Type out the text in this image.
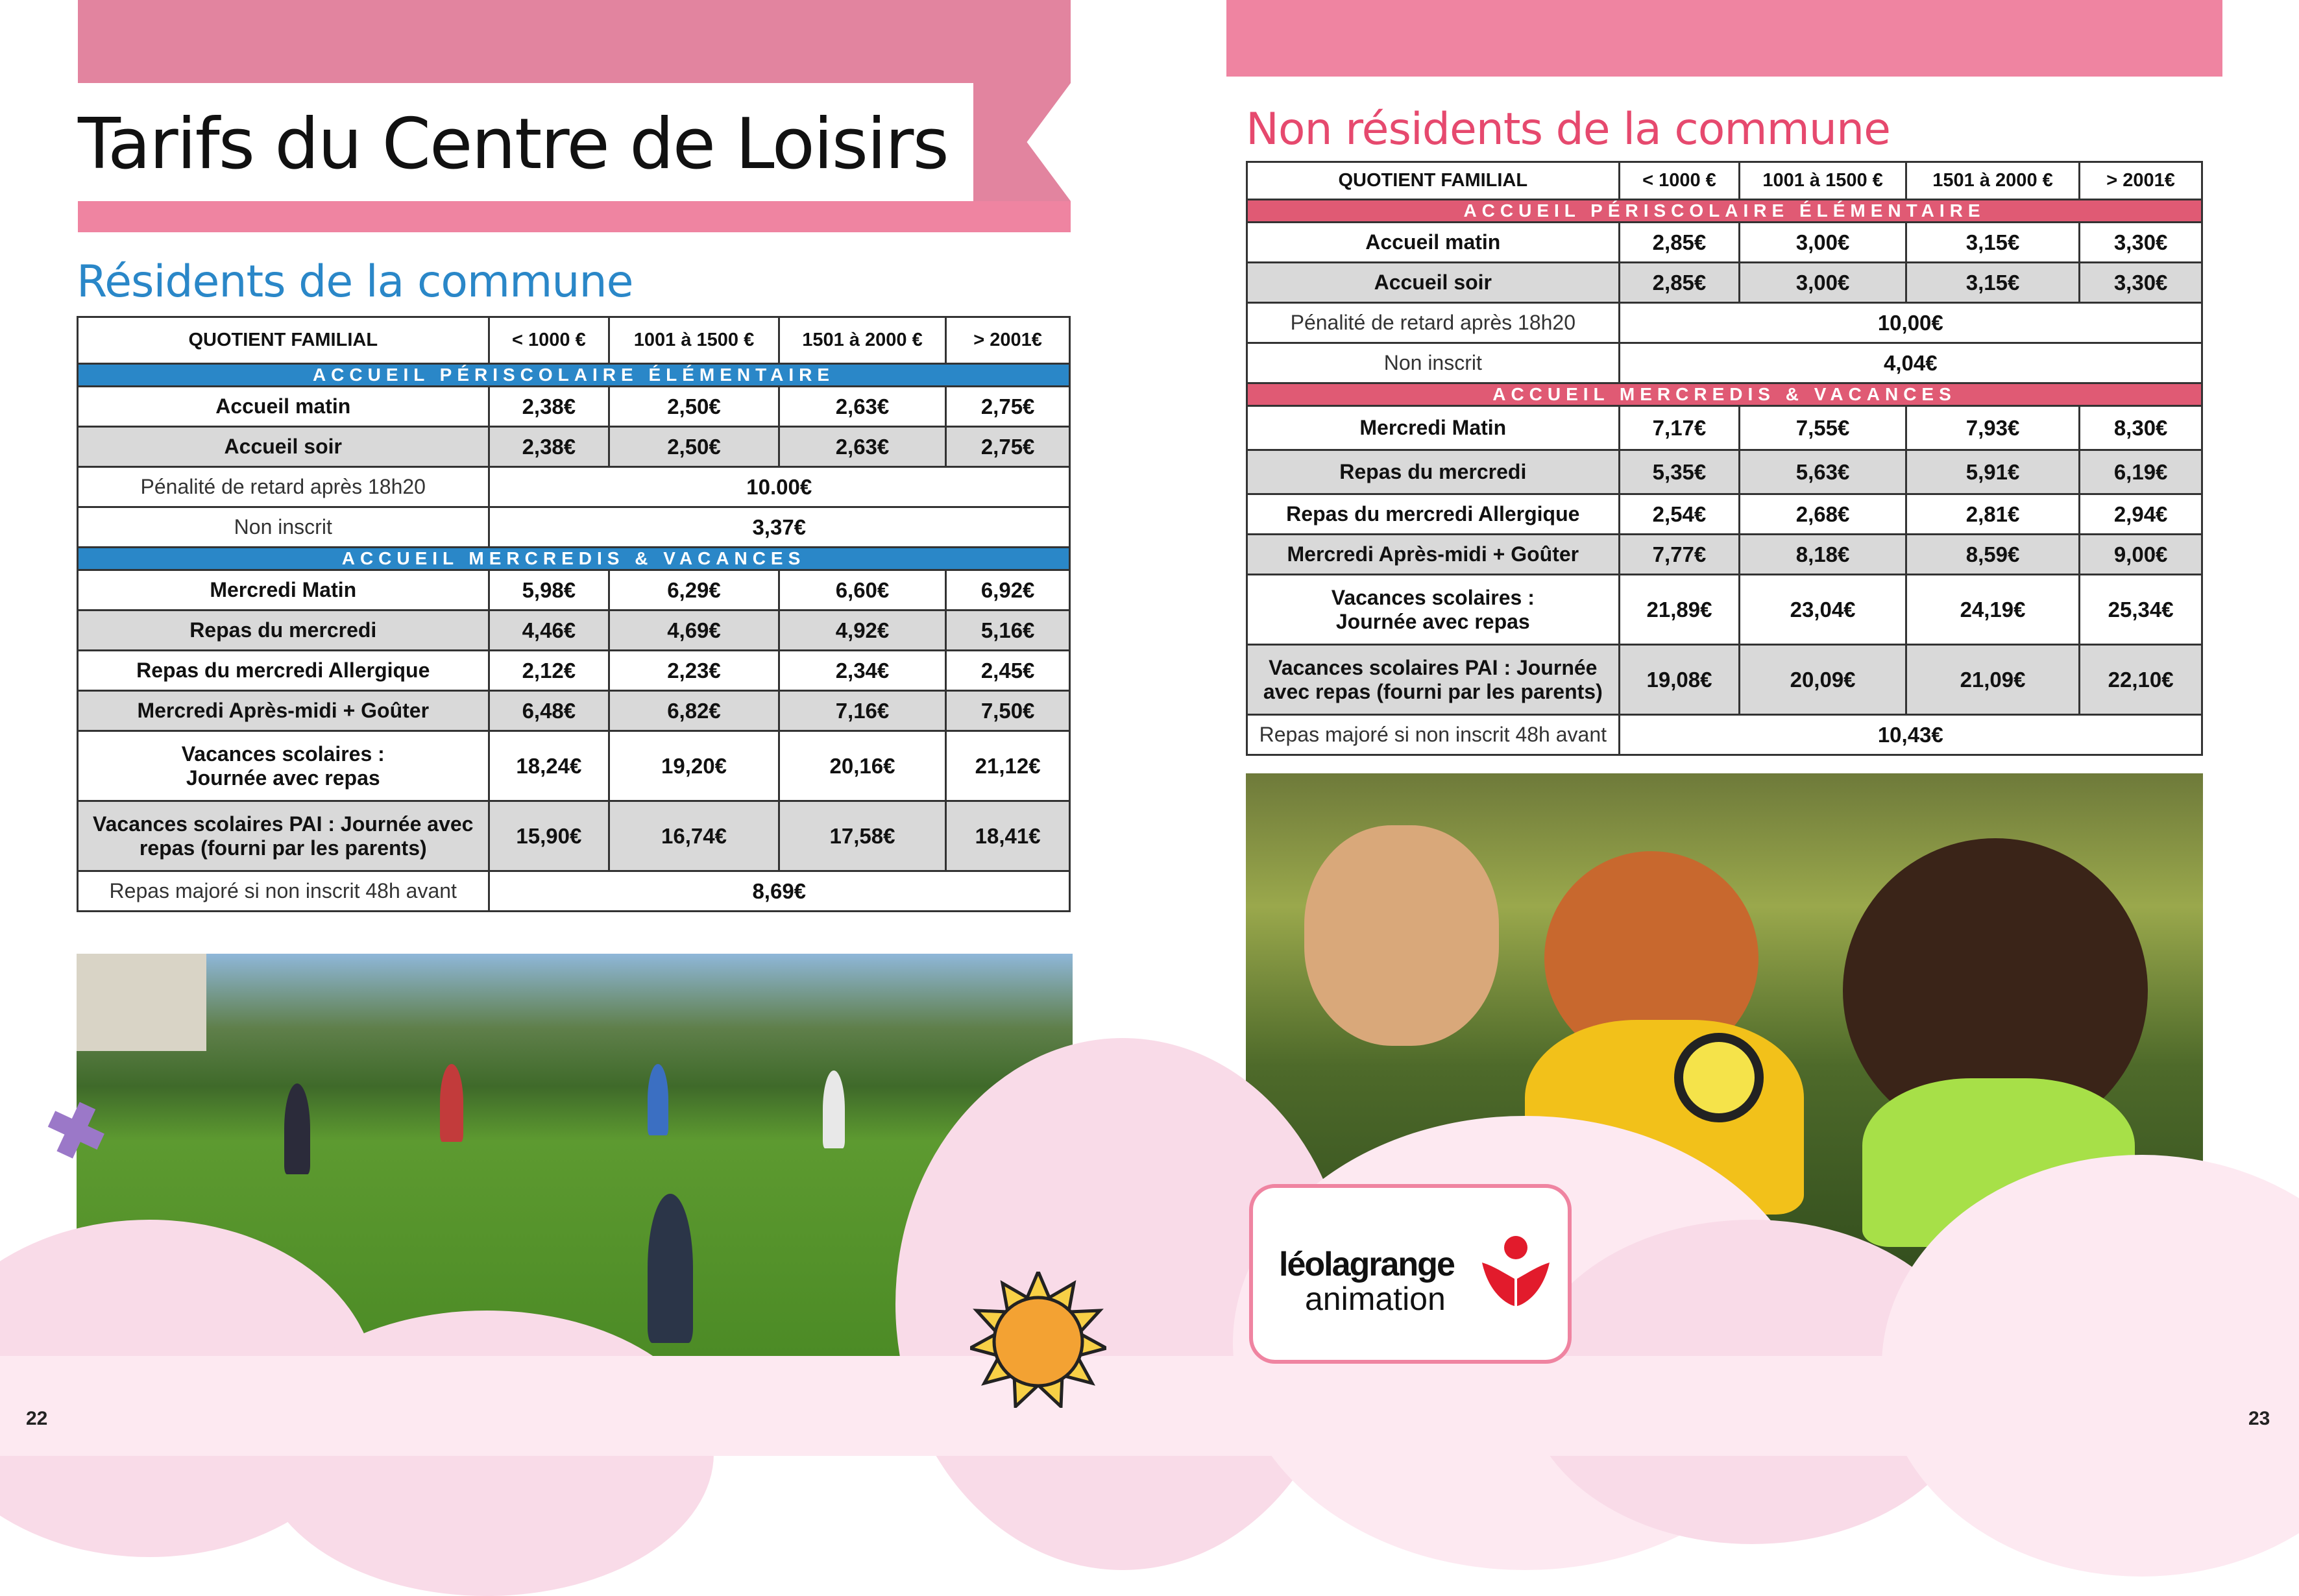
Tarifs du Centre de Loisirs
Résidents de la commune
Non résidents de la commune
QUOTIENT FAMILIAL	< 1000 €	1001 à 1500 €	1501 à 2000 €	> 2001€
ACCUEIL PÉRISCOLAIRE ÉLÉMENTAIRE				
Accueil matin	2,38€	2,50€	2,63€	2,75€
Accueil soir	2,38€	2,50€	2,63€	2,75€
Pénalité de retard après 18h20	10.00€			
Non inscrit	3,37€			
ACCUEIL MERCREDIS & VACANCES				
Mercredi Matin	5,98€	6,29€	6,60€	6,92€
Repas du mercredi	4,46€	4,69€	4,92€	5,16€
Repas du mercredi Allergique	2,12€	2,23€	2,34€	2,45€
Mercredi Après-midi + Goûter	6,48€	6,82€	7,16€	7,50€

Vacances scolaires :
Journée avec repas	18,24€	19,20€	20,16€	21,12€

Vacances scolaires PAI : Journée avec
repas (fourni par les parents)	15,90€	16,74€	17,58€	18,41€
Repas majoré si non inscrit 48h avant	8,69€			
QUOTIENT FAMILIAL	< 1000 €	1001 à 1500 €	1501 à 2000 €	> 2001€
ACCUEIL PÉRISCOLAIRE ÉLÉMENTAIRE				
Accueil matin	2,85€	3,00€	3,15€	3,30€
Accueil soir	2,85€	3,00€	3,15€	3,30€
Pénalité de retard après 18h20	10,00€			
Non inscrit	4,04€			
ACCUEIL MERCREDIS & VACANCES				
Mercredi Matin	7,17€	7,55€	7,93€	8,30€
Repas du mercredi	5,35€	5,63€	5,91€	6,19€
Repas du mercredi Allergique	2,54€	2,68€	2,81€	2,94€
Mercredi Après-midi + Goûter	7,77€	8,18€	8,59€	9,00€

Vacances scolaires :
Journée avec repas	21,89€	23,04€	24,19€	25,34€

Vacances scolaires PAI : Journée
avec repas (fourni par les parents)	19,08€	20,09€	21,09€	22,10€
Repas majoré si non inscrit 48h avant	10,43€			
✖
léolagrange
animation
22	23
